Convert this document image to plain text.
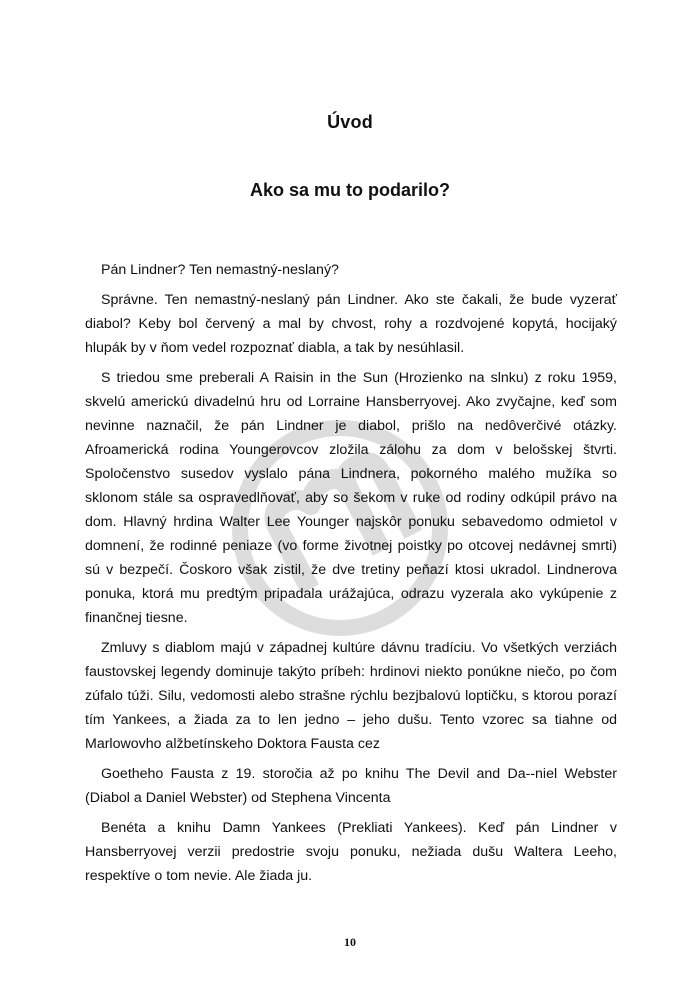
Úvod
Ako sa mu to podarilo?

Pán Lindner? Ten nemastný-neslaný?

Správne. Ten nemastný-neslaný pán Lindner. Ako ste čakali, že bude vyzerať diabol? Keby bol červený a mal by chvost, rohy a rozdvojené kopytá, hocijaký hlupák by v ňom vedel rozpoznať diabla, a tak by nesúhlasil.

S triedou sme preberali A Raisin in the Sun (Hrozienko na slnku) z roku 1959, skvelú americkú divadelnú hru od Lorraine Hansberryovej. Ako zvyčajne, keď som nevinne naznačil, že pán Lindner je diabol, prišlo na nedôverčivé otázky. Afroamerická rodina Youngerovcov zložila zálohu za dom v belošskej štvrti. Spoločenstvo susedov vyslalo pána Lindnera, pokorného malého mužíka so sklonom stále sa ospravedlňovať, aby so šekom v ruke od rodiny odkúpil právo na dom. Hlavný hrdina Walter Lee Younger najskôr ponuku sebavedomo odmietol v domnení, že rodinné peniaze (vo forme životnej poistky po otcovej nedávnej smrti) sú v bezpečí. Čoskoro však zistil, že dve tretiny peňazí ktosi ukradol. Lindnerova ponuka, ktorá mu predtým pripadala urážajúca, odrazu vyzerala ako vykúpenie z finančnej tiesne.

Zmluvy s diablom majú v západnej kultúre dávnu tradíciu. Vo všetkých verziách faustovskej legendy dominuje takýto príbeh: hrdinovi niekto ponúkne niečo, po čom zúfalo túži. Silu, vedomosti alebo strašne rýchlu bezjbalovú loptičku, s ktorou porazí tím Yankees, a žiada za to len jedno – jeho dušu. Tento vzorec sa tiahne od Marlowovho alžbetínskeho Doktora Fausta cez

Goetheho Fausta z 19. storočia až po knihu The Devil and Da--niel Webster (Diabol a Daniel Webster) od Stephena Vincenta

Benéta a knihu Damn Yankees (Prekliati Yankees). Keď pán Lindner v Hansberryovej verzii predostrie svoju ponuku, nežiada dušu Waltera Leeho, respektíve o tom nevie. Ale žiada ju.

10
